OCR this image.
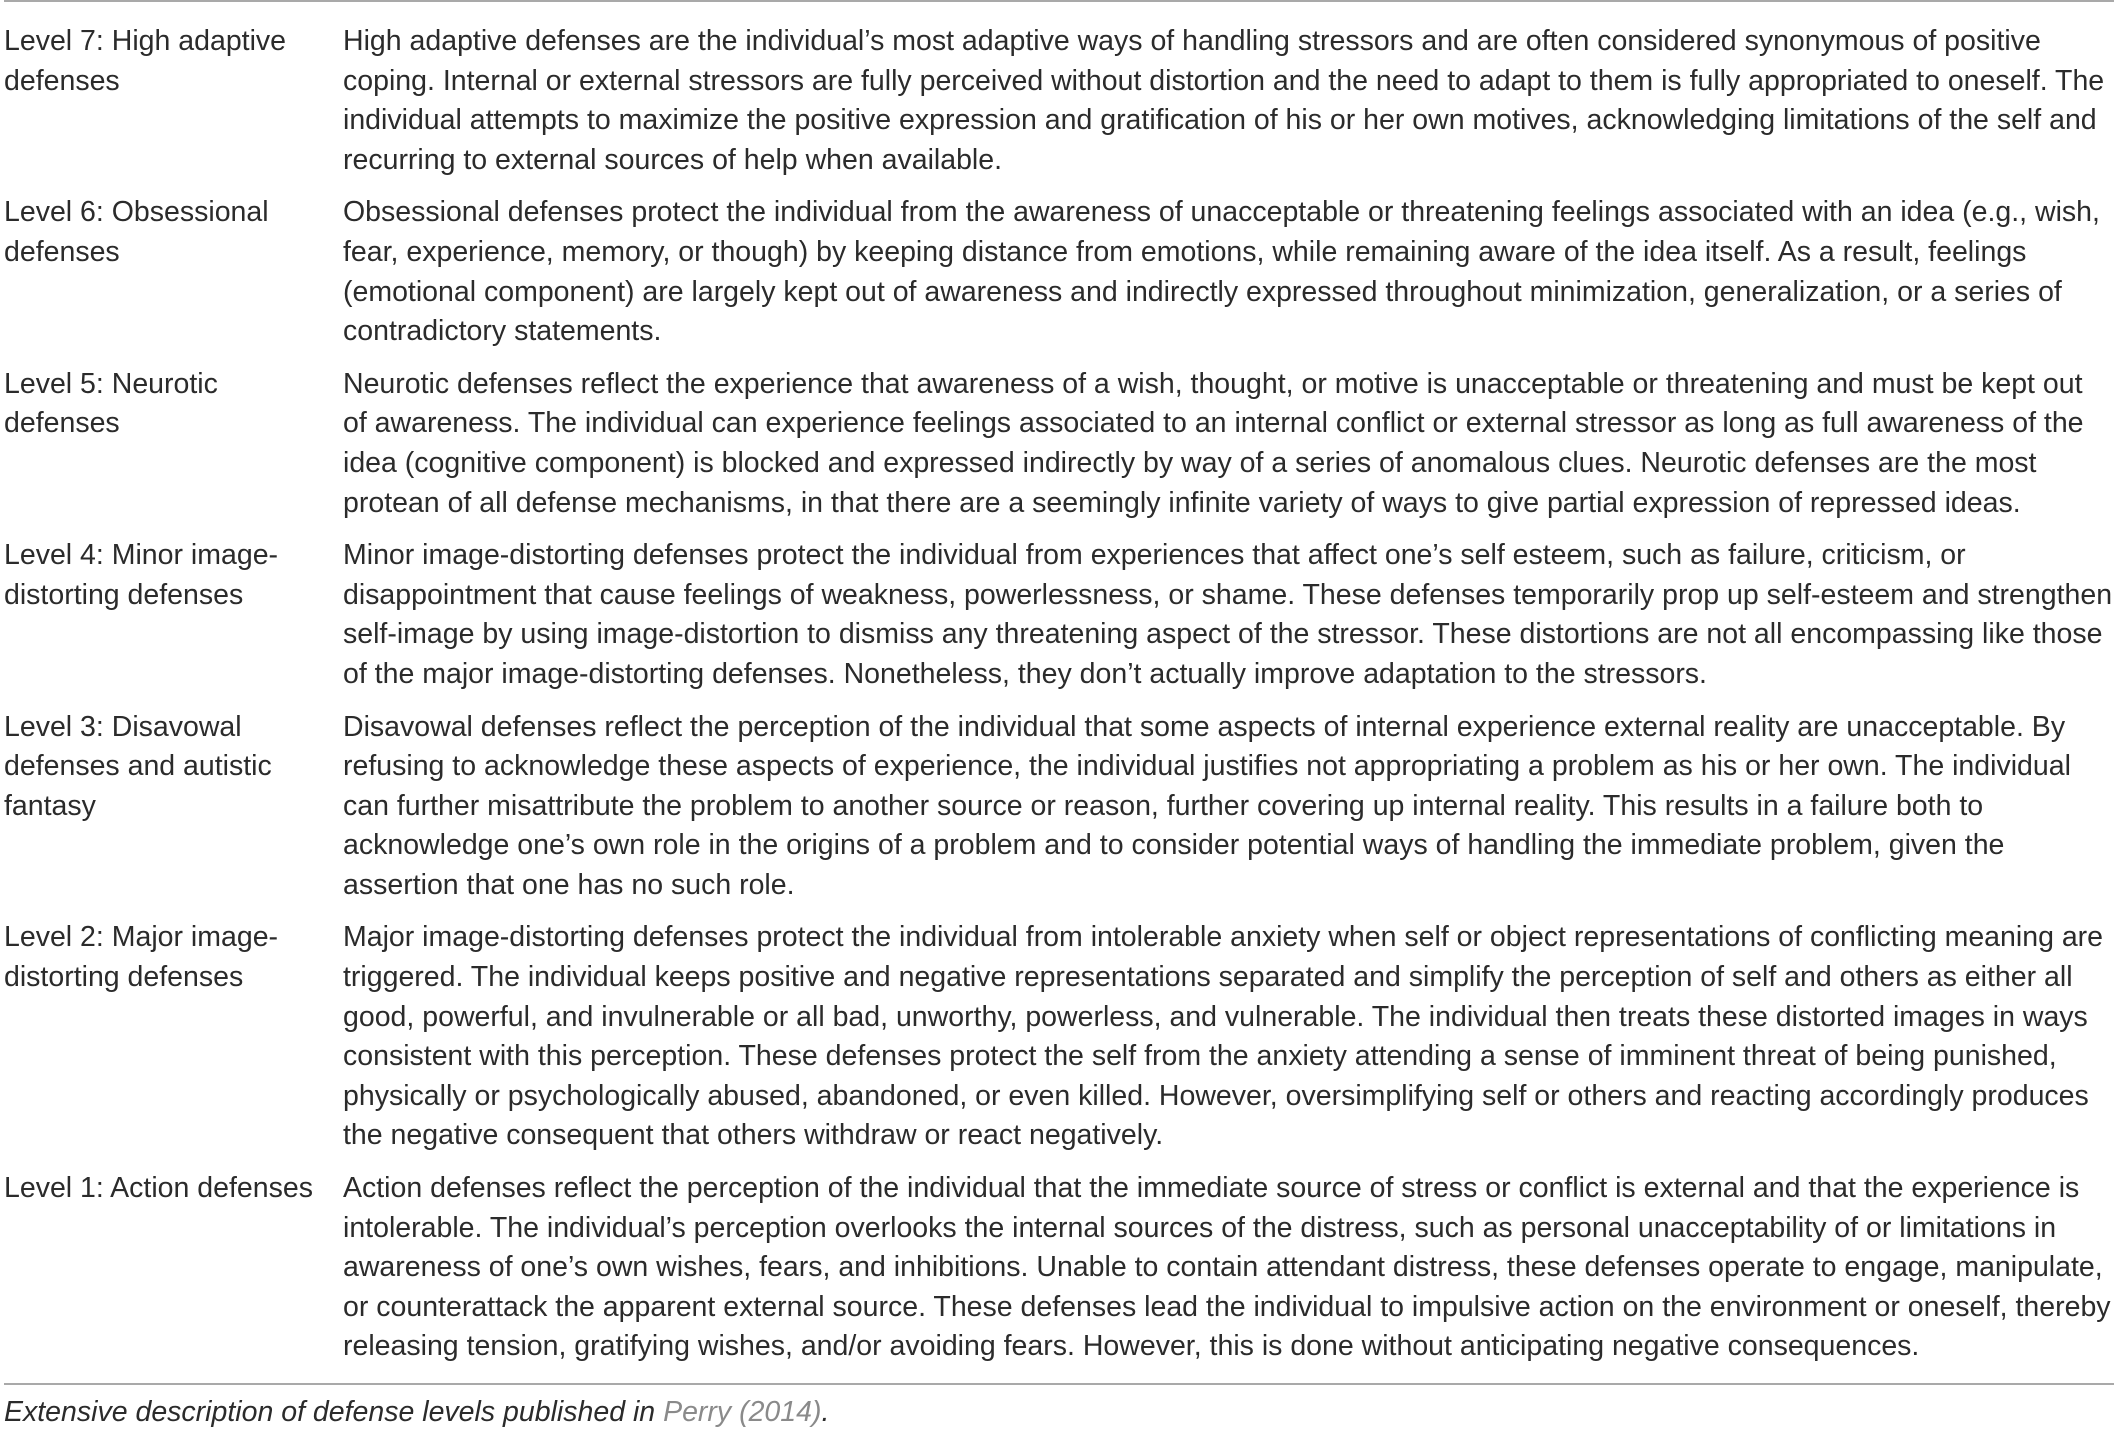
Level 7: High adaptive defenses	High adaptive defenses are the individual’s most adaptive ways of handling stressors and are often considered synonymous of positive coping. Internal or external stressors are fully perceived without distortion and the need to adapt to them is fully appropriated to oneself. The individual attempts to maximize the positive expression and gratification of his or her own motives, acknowledging limitations of the self and recurring to external sources of help when available.
Level 6: Obsessional defenses	Obsessional defenses protect the individual from the awareness of unacceptable or threatening feelings associated with an idea (e.g., wish, fear, experience, memory, or though) by keeping distance from emotions, while remaining aware of the idea itself. As a result, feelings (emotional component) are largely kept out of awareness and indirectly expressed throughout minimization, generalization, or a series of contradictory statements.
Level 5: Neurotic defenses	Neurotic defenses reflect the experience that awareness of a wish, thought, or motive is unacceptable or threatening and must be kept out of awareness. The individual can experience feelings associated to an internal conflict or external stressor as long as full awareness of the idea (cognitive component) is blocked and expressed indirectly by way of a series of anomalous clues. Neurotic defenses are the most protean of all defense mechanisms, in that there are a seemingly infinite variety of ways to give partial expression of repressed ideas.
Level 4: Minor image-distorting defenses	Minor image-distorting defenses protect the individual from experiences that affect one’s self esteem, such as failure, criticism, or disappointment that cause feelings of weakness, powerlessness, or shame. These defenses temporarily prop up self-esteem and strengthen self-image by using image-distortion to dismiss any threatening aspect of the stressor. These distortions are not all encompassing like those of the major image-distorting defenses. Nonetheless, they don’t actually improve adaptation to the stressors.
Level 3: Disavowal defenses and autistic fantasy	Disavowal defenses reflect the perception of the individual that some aspects of internal experience external reality are unacceptable. By refusing to acknowledge these aspects of experience, the individual justifies not appropriating a problem as his or her own. The individual can further misattribute the problem to another source or reason, further covering up internal reality. This results in a failure both to acknowledge one’s own role in the origins of a problem and to consider potential ways of handling the immediate problem, given the assertion that one has no such role.
Level 2: Major image-distorting defenses	Major image-distorting defenses protect the individual from intolerable anxiety when self or object representations of conflicting meaning are triggered. The individual keeps positive and negative representations separated and simplify the perception of self and others as either all good, powerful, and invulnerable or all bad, unworthy, powerless, and vulnerable. The individual then treats these distorted images in ways consistent with this perception. These defenses protect the self from the anxiety attending a sense of imminent threat of being punished, physically or psychologically abused, abandoned, or even killed. However, oversimplifying self or others and reacting accordingly produces the negative consequent that others withdraw or react negatively.
Level 1: Action defenses	Action defenses reflect the perception of the individual that the immediate source of stress or conflict is external and that the experience is intolerable. The individual’s perception overlooks the internal sources of the distress, such as personal unacceptability of or limitations in awareness of one’s own wishes, fears, and inhibitions. Unable to contain attendant distress, these defenses operate to engage, manipulate, or counterattack the apparent external source. These defenses lead the individual to impulsive action on the environment or oneself, thereby releasing tension, gratifying wishes, and/or avoiding fears. However, this is done without anticipating negative consequences.
Extensive description of defense levels published in Perry (2014).
